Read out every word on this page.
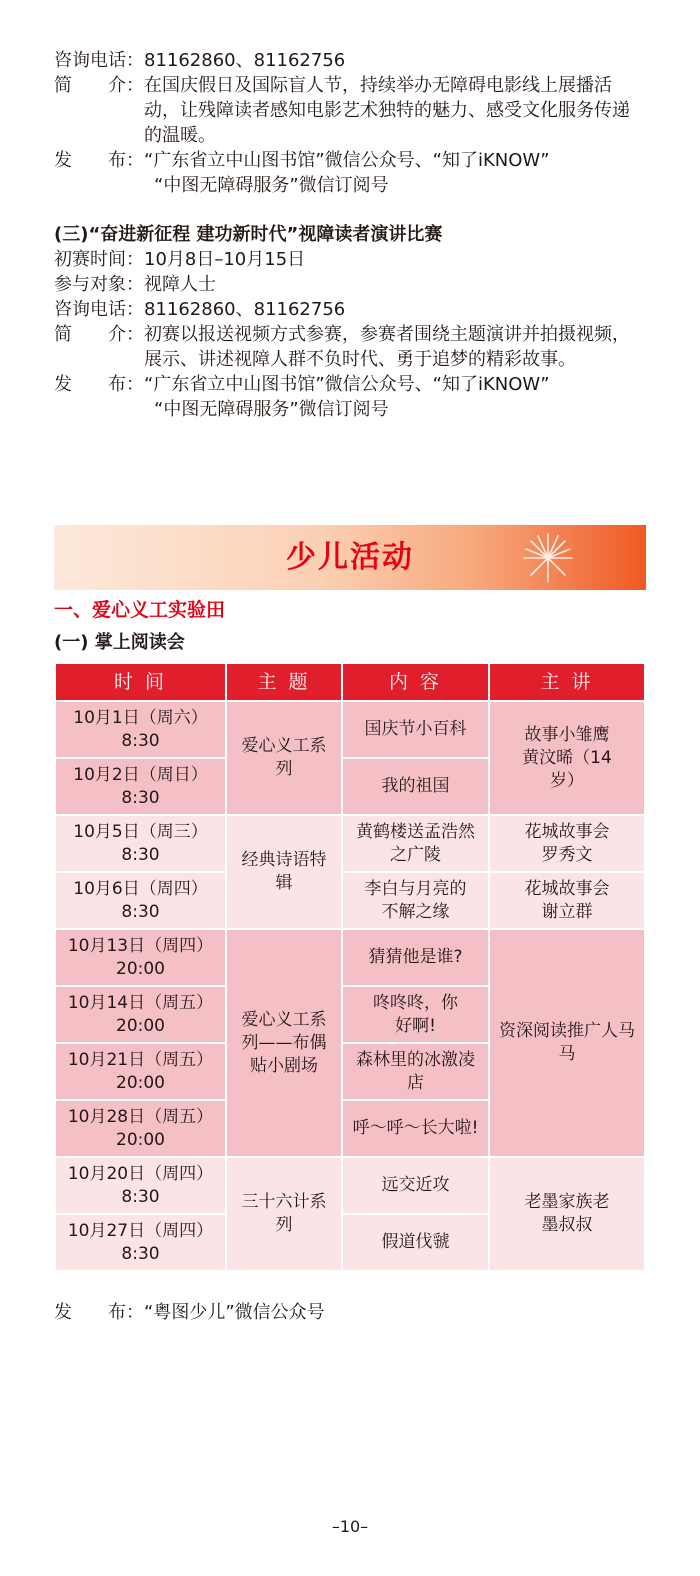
咨询电话： 81162860、81162756
简　　介： 在国庆假日及国际盲人节，持续举办无障碍电影线上展播活动，让残障读者感知电影艺术独特的魅力、感受文化服务传递的温暖。
发　　布： “广东省立中山图书馆”微信公众号、“知了iKNOW”
“中图无障碍服务”微信订阅号
(三)“奋进新征程 建功新时代”视障读者演讲比赛
初赛时间： 10月8日–10月15日
参与对象： 视障人士
咨询电话： 81162860、81162756
简　　介： 初赛以报送视频方式参赛，参赛者围绕主题演讲并拍摄视频，展示、讲述视障人群不负时代、勇于追梦的精彩故事。
发　　布： “广东省立中山图书馆”微信公众号、“知了iKNOW”
“中图无障碍服务”微信订阅号
少儿活动
一、爱心义工实验田
(一) 掌上阅读会
时 间	主 题	内 容	主 讲

10月1日（周六）
8:30	爱心义工系列	国庆节小百科	故事小雏鹰黄汶晞（14岁）

10月2日（周日）
8:30		我的祖国	

10月5日（周三）
8:30	经典诗语特辑	黄鹤楼送孟浩然之广陵	花城故事会罗秀文

10月6日（周四）
8:30		李白与月亮的不解之缘	花城故事会谢立群

10月13日（周四）
20:00	爱心义工系列——布偶贴小剧场	猜猜他是谁?	资深阅读推广人马马

10月14日（周五）
20:00		咚咚咚，你好啊!	

10月21日（周五）
20:00		森林里的冰激凌店	

10月28日（周五）
20:00		呼～呼～长大啦!	

10月20日（周四）
8:30	三十六计系列	远交近攻	老墨家族老墨叔叔

10月27日（周四）
8:30		假道伐虢	
发　　布： “粤图少儿”微信公众号
–10–
